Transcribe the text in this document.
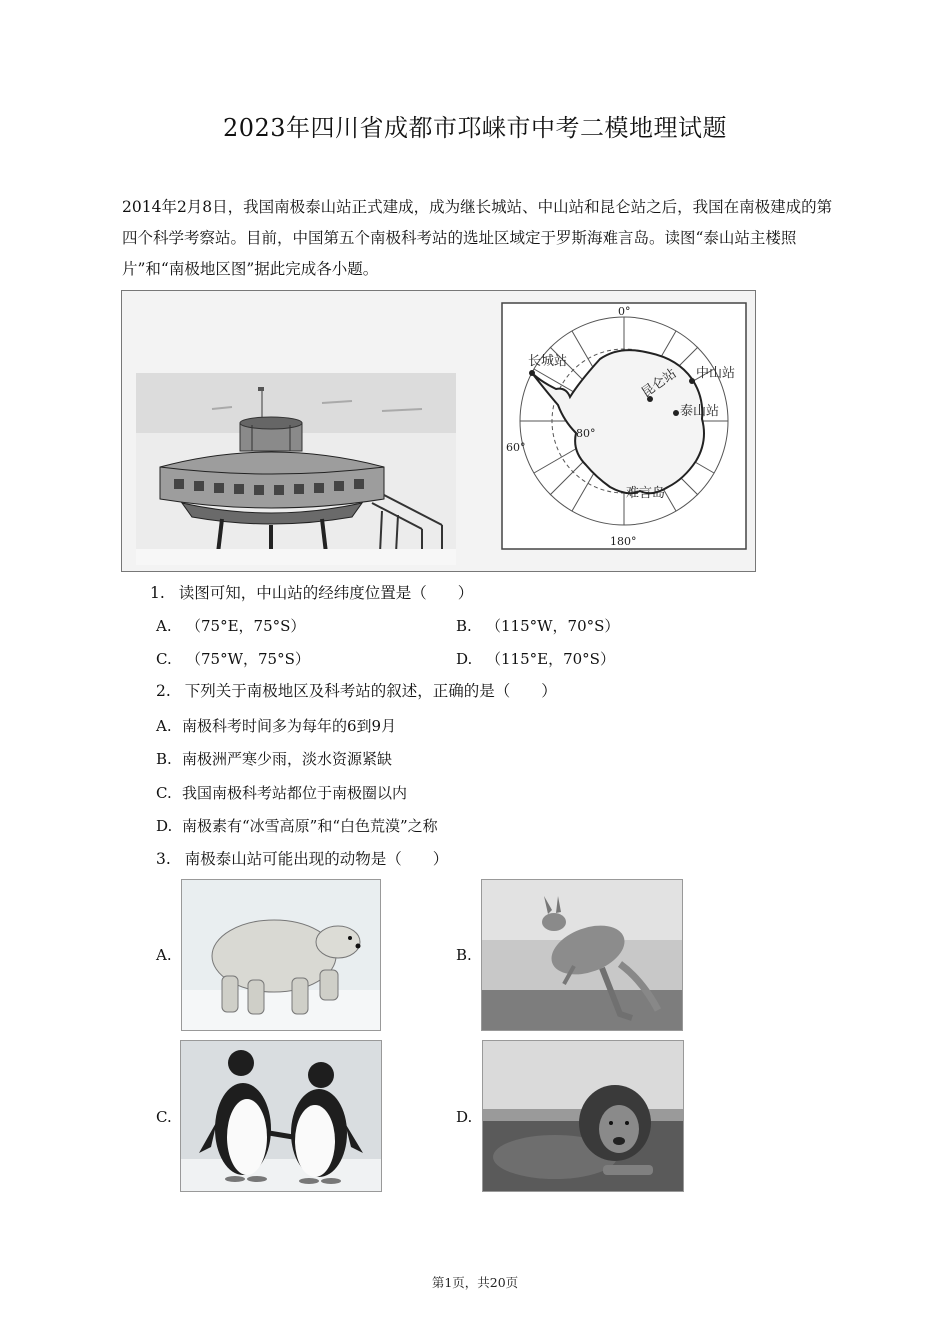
2023年四川省成都市邛崃市中考二模地理试题
2014年2月8日，我国南极泰山站正式建成，成为继长城站、中山站和昆仑站之后，我国在南极建成的第四个科学考察站。目前，中国第五个南极科考站的选址区域定于罗斯海难言岛。读图“泰山站主楼照片”和“南极地区图”据此完成各小题。
0°
180°
80°
60°
长城站
中山站
昆仑站
泰山站
难言岛
1. 读图可知，中山站的经纬度位置是（　　）
A. （75°E，75°S）	B. （115°W，70°S）
C. （75°W，75°S）	D. （115°E，70°S）
2. 下列关于南极地区及科考站的叙述，正确的是（　　）
A. 南极科考时间多为每年的6到9月
B. 南极洲严寒少雨，淡水资源紧缺
C. 我国南极科考站都位于南极圈以内
D. 南极素有“冰雪高原”和“白色荒漠”之称
3. 南极泰山站可能出现的动物是（　　）
A.	B.
C.	D.
第1页，共20页
